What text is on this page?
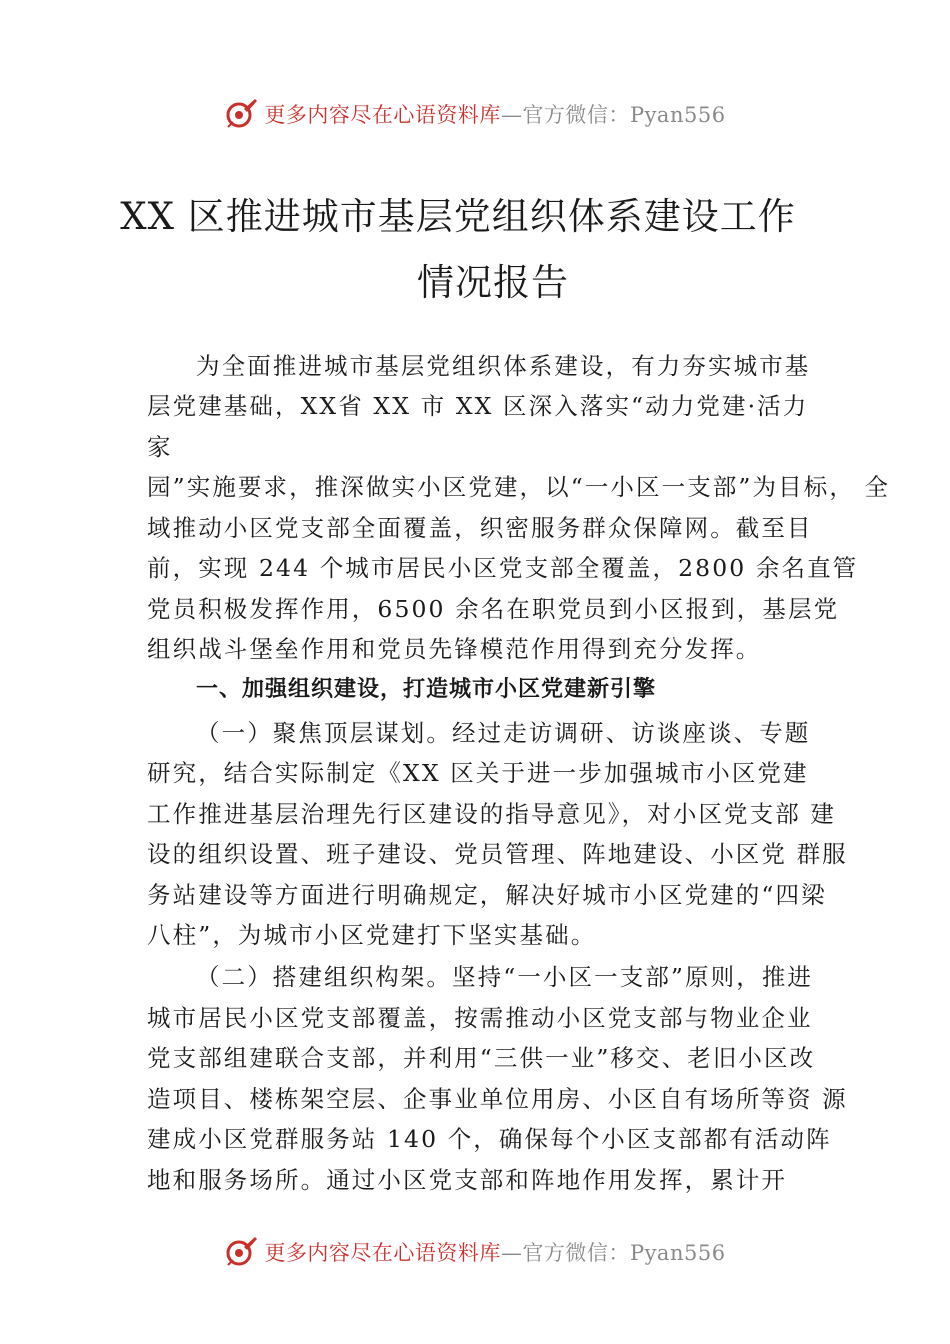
更多内容尽在心语资料库—官方微信：Pyan556
XX 区推进城市基层党组织体系建设工作
情况报告
为全面推进城市基层党组织体系建设，有力夯实城市基
层党建基础，XX省 XX 市 XX 区深入落实“动力党建·活力
家
园”实施要求，推深做实小区党建，以“一小区一支部”为目标， 全
域推动小区党支部全面覆盖，织密服务群众保障网。截至目
前，实现 244 个城市居民小区党支部全覆盖，2800 余名直管
党员积极发挥作用，6500 余名在职党员到小区报到，基层党
组织战斗堡垒作用和党员先锋模范作用得到充分发挥。
一、加强组织建设，打造城市小区党建新引擎
（一）聚焦顶层谋划。经过走访调研、访谈座谈、专题
研究，结合实际制定《XX 区关于进一步加强城市小区党建
工作推进基层治理先行区建设的指导意见》，对小区党支部 建
设的组织设置、班子建设、党员管理、阵地建设、小区党 群服
务站建设等方面进行明确规定，解决好城市小区党建的“四梁
八柱”，为城市小区党建打下坚实基础。
（二）搭建组织构架。坚持“一小区一支部”原则，推进
城市居民小区党支部覆盖，按需推动小区党支部与物业企业
党支部组建联合支部，并利用“三供一业”移交、老旧小区改
造项目、楼栋架空层、企事业单位用房、小区自有场所等资 源
建成小区党群服务站 140 个，确保每个小区支部都有活动阵
地和服务场所。通过小区党支部和阵地作用发挥，累计开
更多内容尽在心语资料库—官方微信：Pyan556
